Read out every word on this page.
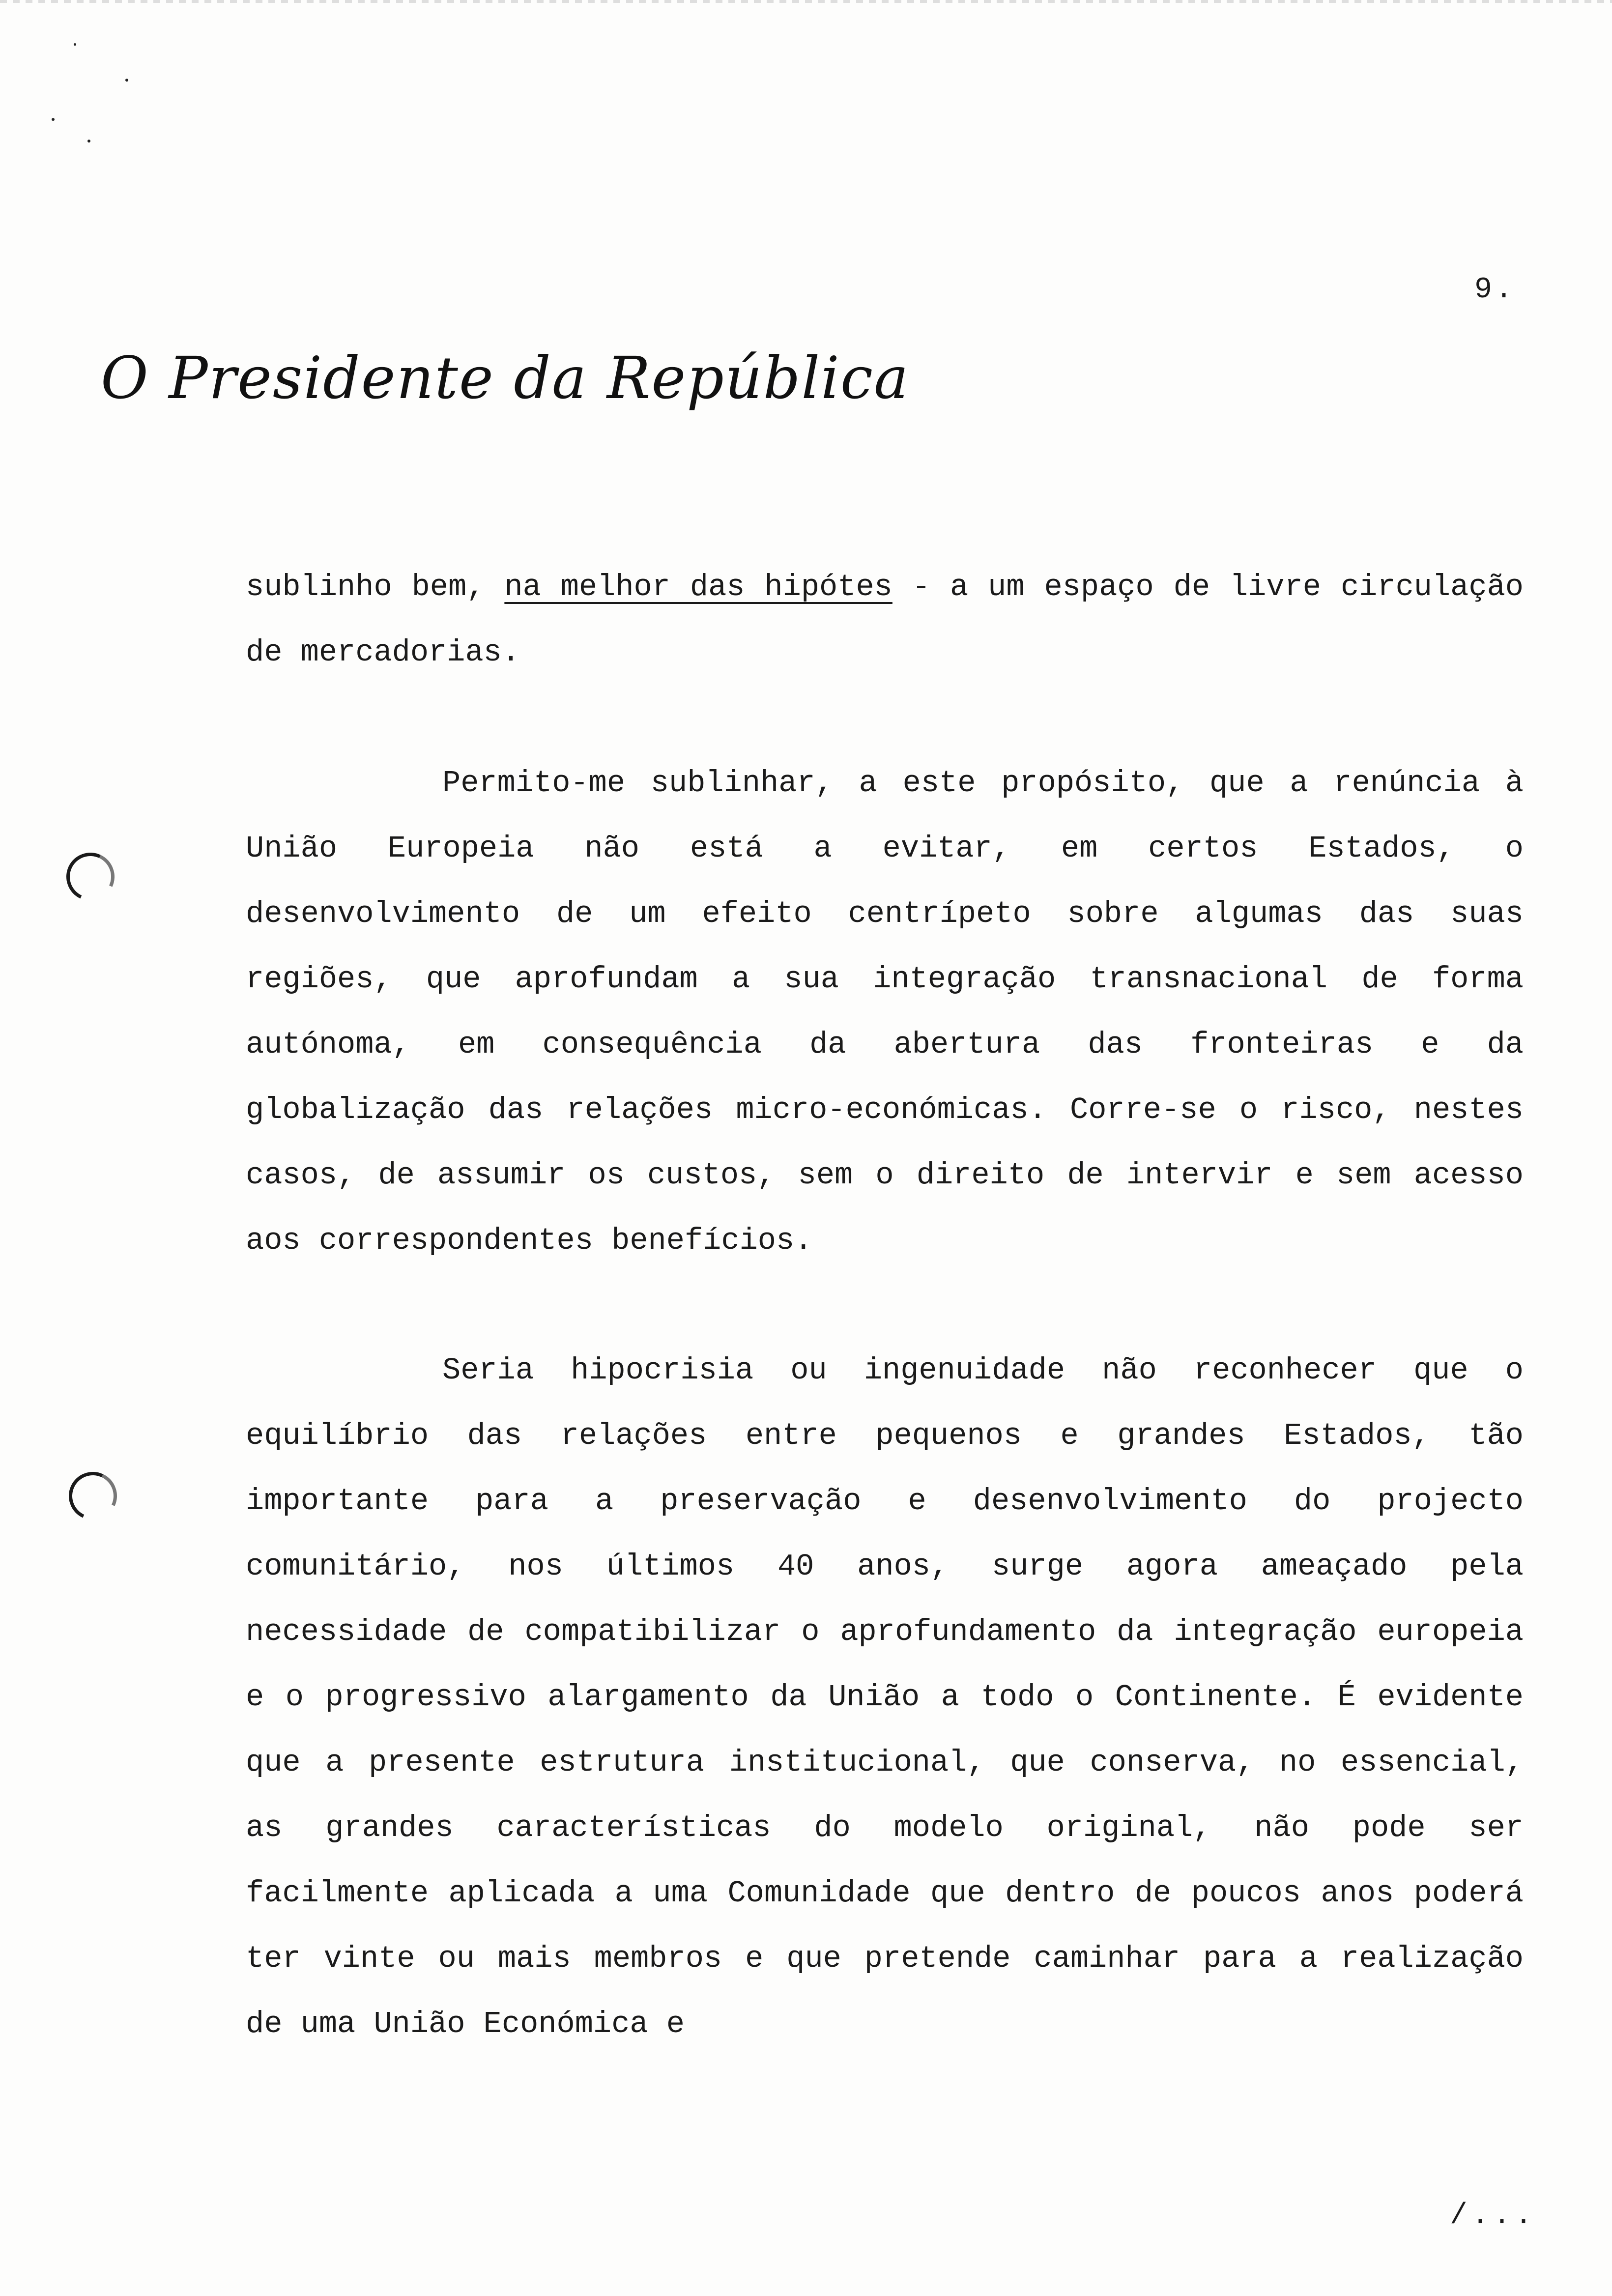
9.
O Presidente da República

sublinho bem, na melhor das hipótes - a um espaço de livre circulação de mercadorias.

Permito-me sublinhar, a este propósito, que a renúncia à União Europeia não está a evitar, em certos Estados, o desenvolvimento de um efeito centrípeto sobre algumas das suas regiões, que aprofundam a sua integração transnacional de forma autónoma, em consequência da abertura das fronteiras e da globalização das relações micro-económicas. Corre-se o risco, nestes casos, de assumir os custos, sem o direito de intervir e sem acesso aos correspondentes benefícios.

Seria hipocrisia ou ingenuidade não reconhecer que o equilíbrio das relações entre pequenos e grandes Estados, tão importante para a preservação e desenvolvimento do projecto comunitário, nos últimos 40 anos, surge agora ameaçado pela necessidade de compatibilizar o aprofundamento da integração europeia e o progressivo alargamento da União a todo o Continente. É evidente que a presente estrutura institucional, que conserva, no essencial, as grandes características do modelo original, não pode ser facilmente aplicada a uma Comunidade que dentro de poucos anos poderá ter vinte ou mais membros e que pretende caminhar para a realização de uma União Económica e

/...
